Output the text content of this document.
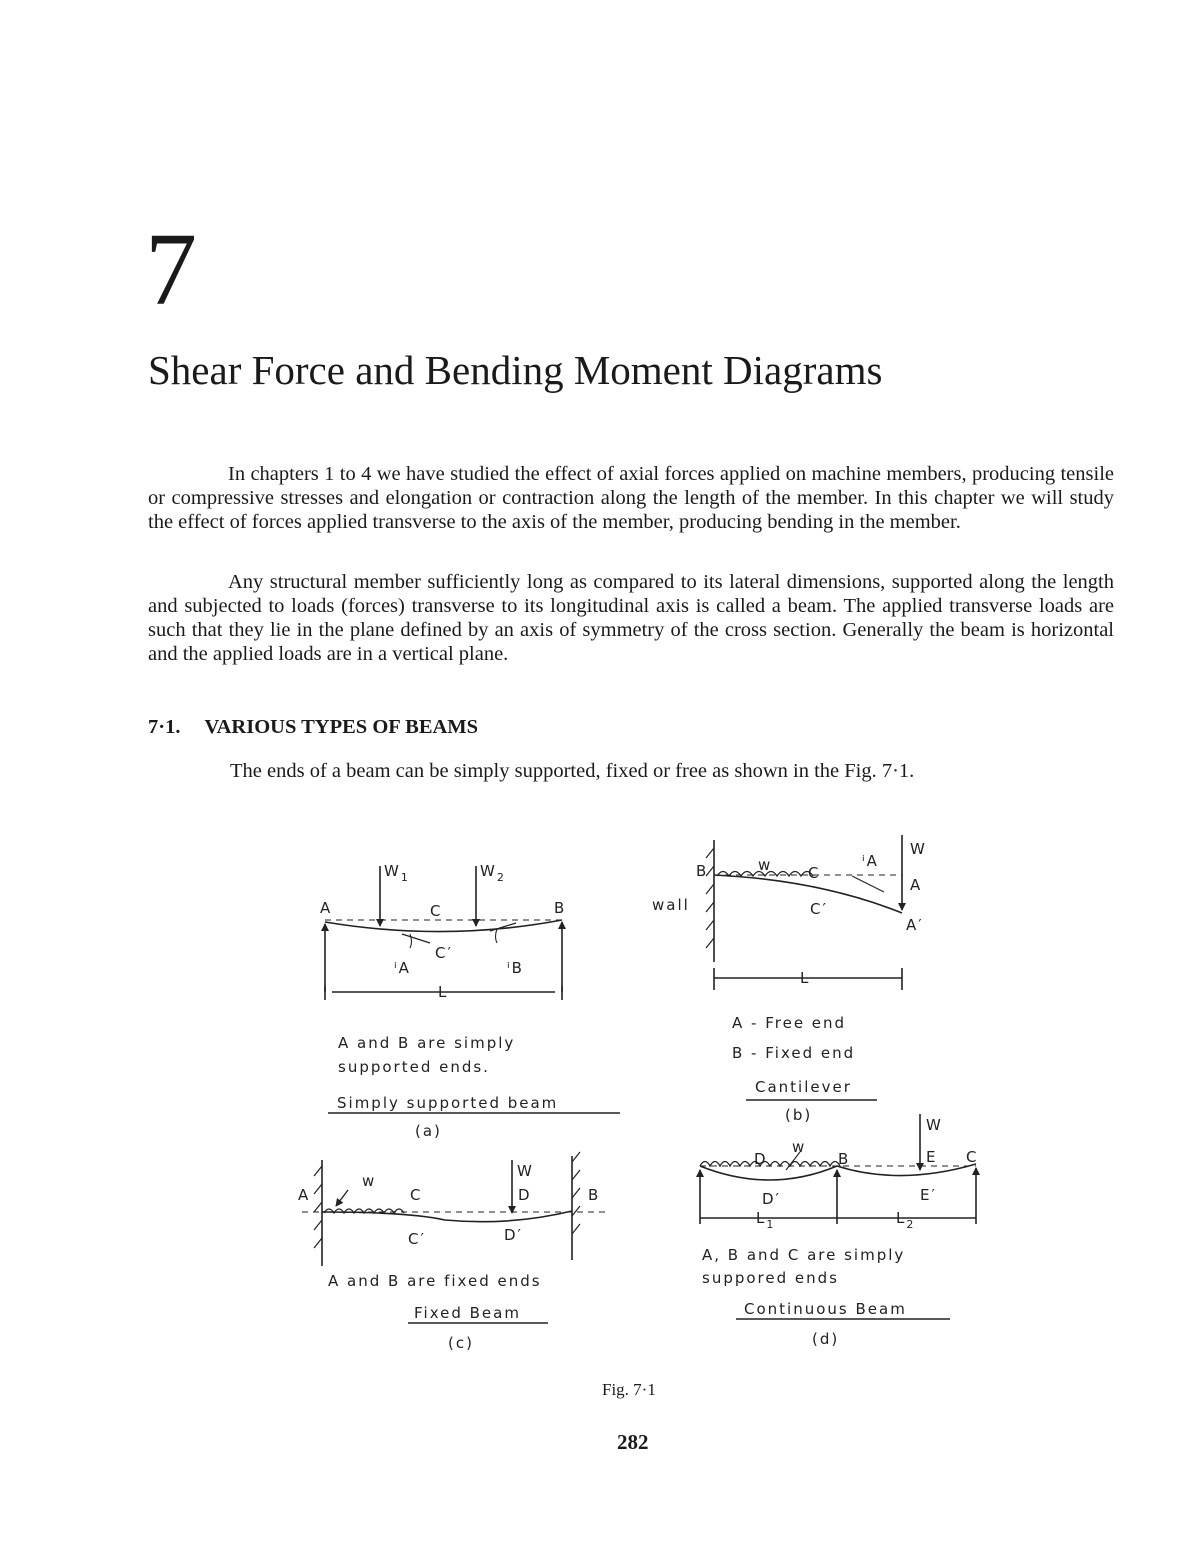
7
Shear Force and Bending Moment Diagrams

In chapters 1 to 4 we have studied the effect of axial forces applied on machine members, producing tensile or compressive stresses and elongation or contraction along the length of the member. In this chapter we will study the effect of forces applied transverse to the axis of the member, producing bending in the member.

Any structural member sufficiently long as compared to its lateral dimensions, supported along the length and subjected to loads (forces) transverse to its longitudinal axis is called a beam. The applied transverse loads are such that they lie in the plane defined by an axis of symmetry of the cross section. Generally the beam is horizontal and the applied loads are in a vertical plane.

7·1. VARIOUS TYPES OF BEAMS
The ends of a beam can be simply supported, fixed or free as shown in the Fig. 7·1.
$W_1$	$W_2$
A	C	B
C′
ⁱA	ⁱB
L
A and B are simply
supported ends.
Simply supported beam
(a)
B
wall
w C
C′
ⁱA
W
A
A′
L
A - Free end
B - Fixed end
Cantilever
(b)
A
w
C
C′
W
D
D′
B
A and B are fixed ends
Fixed Beam
(c)
D
w
B
W
E C
D′	E′
$L_1$	$L_2$
A, B and C are simply
suppored ends
Continuous Beam
(d)
Fig. 7·1
282
